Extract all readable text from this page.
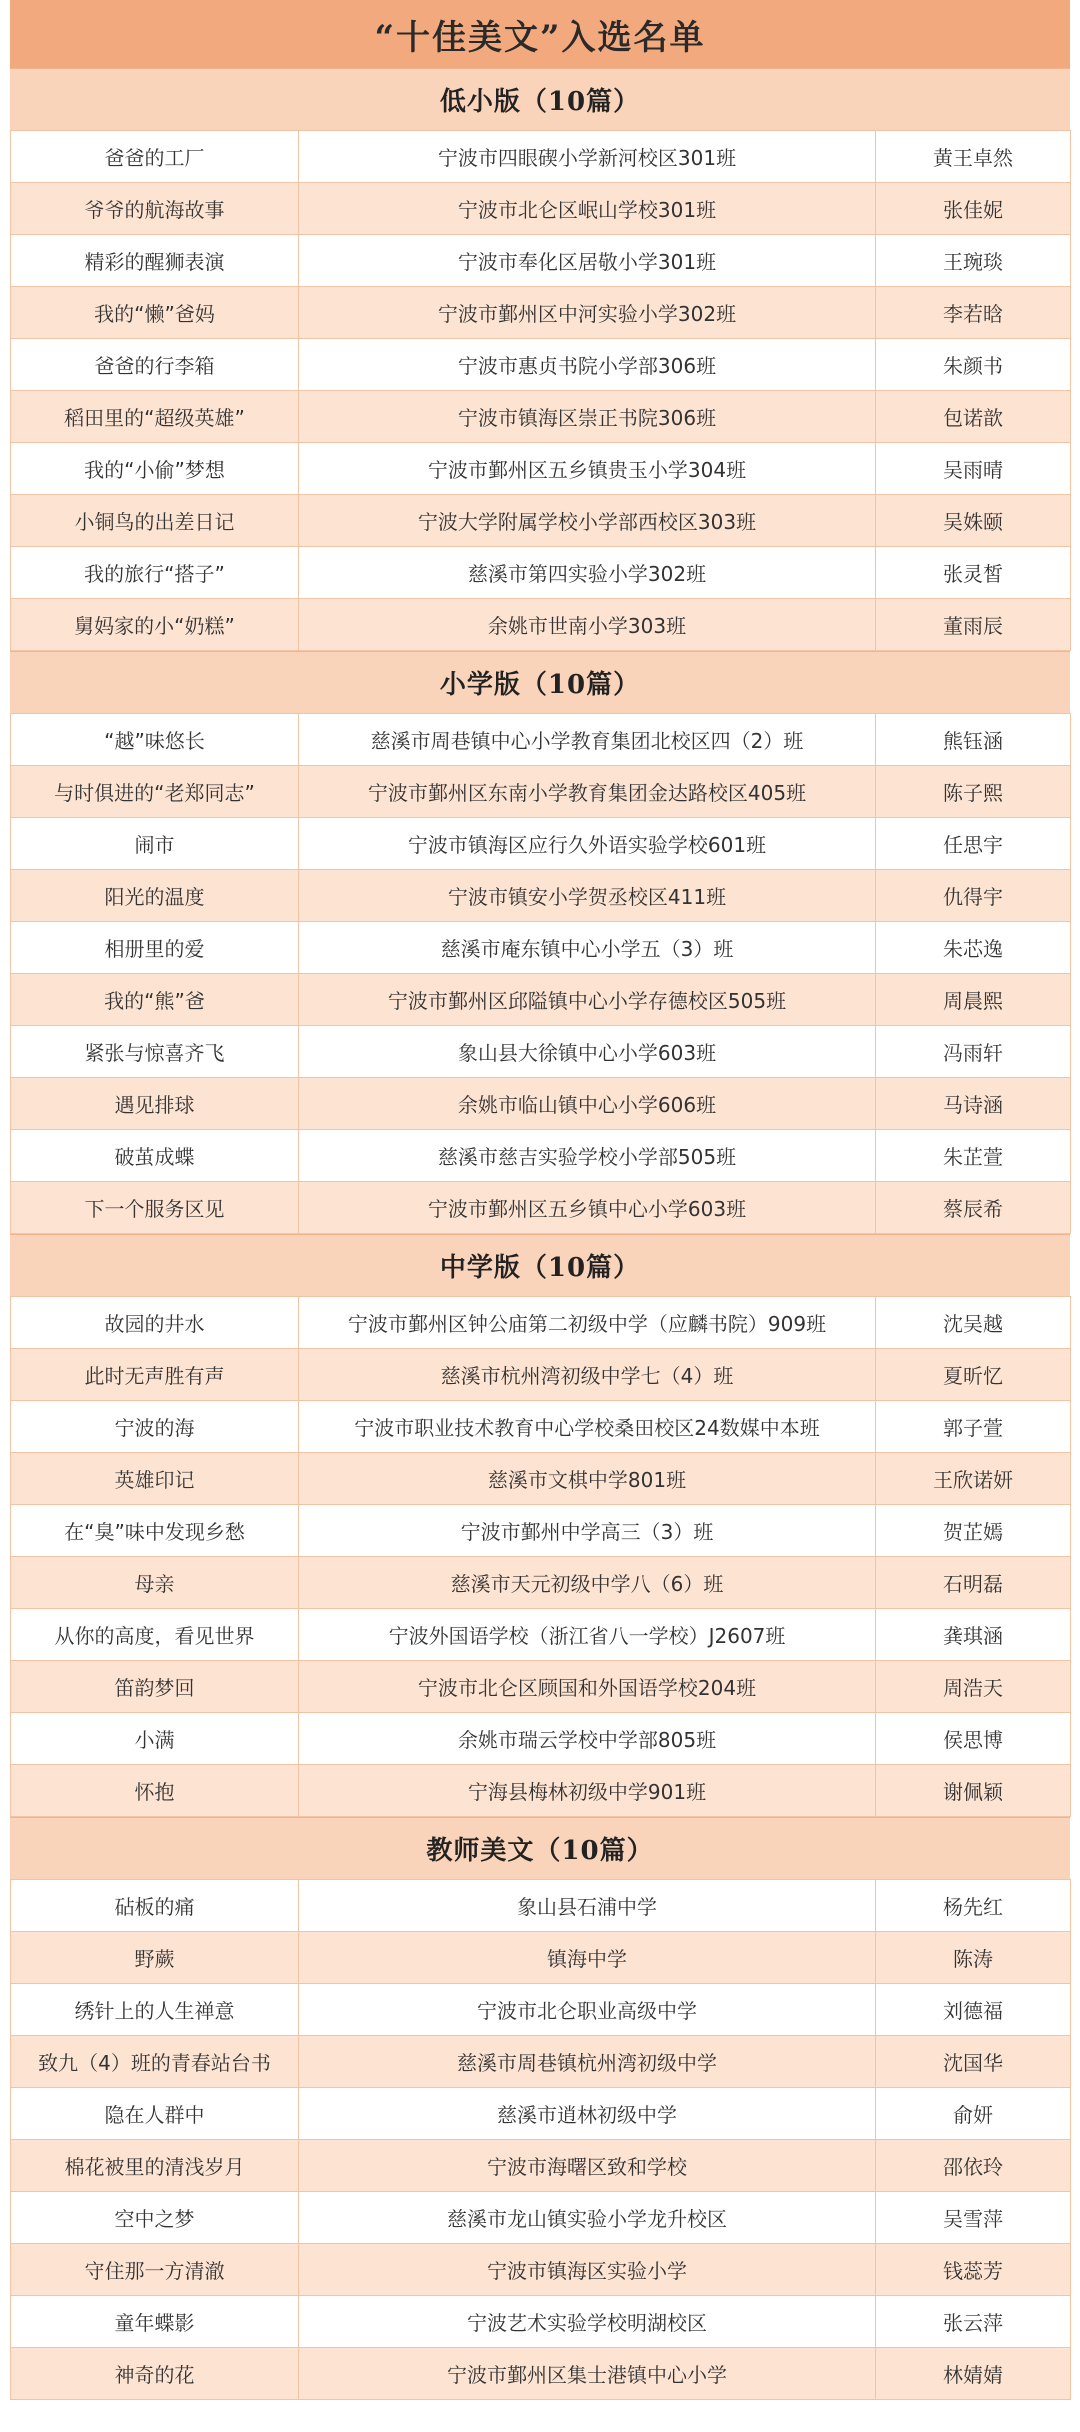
“十佳美文”入选名单
低小版（10篇）
爸爸的工厂	宁波市四眼碶小学新河校区301班	黄王卓然
爷爷的航海故事	宁波市北仑区岷山学校301班	张佳妮
精彩的醒狮表演	宁波市奉化区居敬小学301班	王琬琰
我的“懒”爸妈	宁波市鄞州区中河实验小学302班	李若晗
爸爸的行李箱	宁波市惠贞书院小学部306班	朱颜书
稻田里的“超级英雄”	宁波市镇海区崇正书院306班	包诺歆
我的“小偷”梦想	宁波市鄞州区五乡镇贵玉小学304班	吴雨晴
小铜鸟的出差日记	宁波大学附属学校小学部西校区303班	吴姝颐
我的旅行“搭子”	慈溪市第四实验小学302班	张灵皙
舅妈家的小“奶糕”	余姚市世南小学303班	董雨辰
小学版（10篇）
“越”味悠长	慈溪市周巷镇中心小学教育集团北校区四（2）班	熊钰涵
与时俱进的“老郑同志”	宁波市鄞州区东南小学教育集团金达路校区405班	陈子熙
闹市	宁波市镇海区应行久外语实验学校601班	任思宇
阳光的温度	宁波市镇安小学贺丞校区411班	仇得宇
相册里的爱	慈溪市庵东镇中心小学五（3）班	朱芯逸
我的“熊”爸	宁波市鄞州区邱隘镇中心小学存德校区505班	周晨熙
紧张与惊喜齐飞	象山县大徐镇中心小学603班	冯雨轩
遇见排球	余姚市临山镇中心小学606班	马诗涵
破茧成蝶	慈溪市慈吉实验学校小学部505班	朱芷萱
下一个服务区见	宁波市鄞州区五乡镇中心小学603班	蔡辰希
中学版（10篇）
故园的井水	宁波市鄞州区钟公庙第二初级中学（应麟书院）909班	沈吴越
此时无声胜有声	慈溪市杭州湾初级中学七（4）班	夏昕忆
宁波的海	宁波市职业技术教育中心学校桑田校区24数媒中本班	郭子萱
英雄印记	慈溪市文棋中学801班	王欣诺妍
在“臭”味中发现乡愁	宁波市鄞州中学高三（3）班	贺芷嫣
母亲	慈溪市天元初级中学八（6）班	石明磊
从你的高度，看见世界	宁波外国语学校（浙江省八一学校）J2607班	龚琪涵
笛韵梦回	宁波市北仑区顾国和外国语学校204班	周浩天
小满	余姚市瑞云学校中学部805班	侯思博
怀抱	宁海县梅林初级中学901班	谢佩颖
教师美文（10篇）
砧板的痛	象山县石浦中学	杨先红
野蕨	镇海中学	陈涛
绣针上的人生禅意	宁波市北仑职业高级中学	刘德福
致九（4）班的青春站台书	慈溪市周巷镇杭州湾初级中学	沈国华
隐在人群中	慈溪市逍林初级中学	俞妍
棉花被里的清浅岁月	宁波市海曙区致和学校	邵依玲
空中之梦	慈溪市龙山镇实验小学龙升校区	吴雪萍
守住那一方清澈	宁波市镇海区实验小学	钱蕊芳
童年蝶影	宁波艺术实验学校明湖校区	张云萍
神奇的花	宁波市鄞州区集士港镇中心小学	林婧婧
